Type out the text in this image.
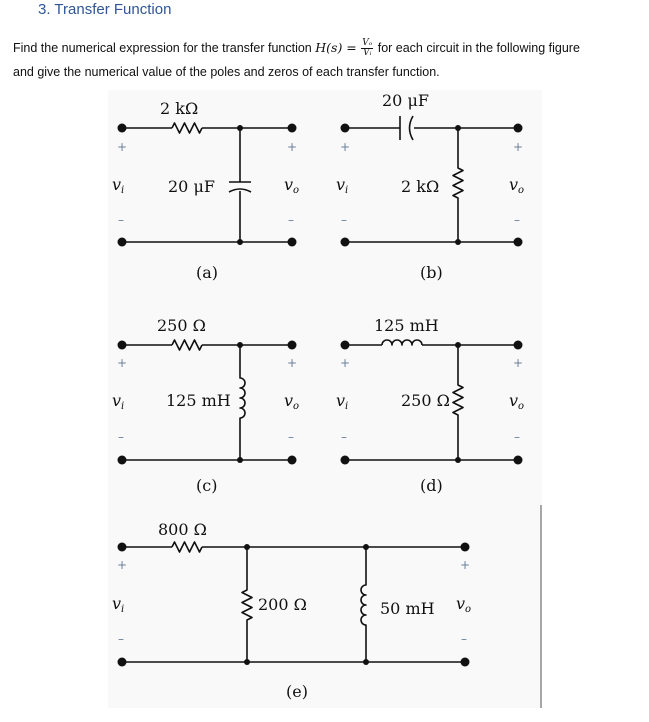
3. Transfer Function
Find the numerical expression for the transfer function $H(s) = \frac{\text{Vₒ}}{\text{Vᵢ}}$ for each circuit in the following figure
and give the numerical value of the poles and zeros of each transfer function.
+
–
+
–
+
–
+
–
+
–
+
–
+
–
+
–
+
–
+
–
vi	vo vi	vo
vi	vo vi	vo
vi	vo
2 kΩ
20 μF
20 μF
2 kΩ
250 Ω
125 mH
125 mH
250 Ω
800 Ω
200 Ω	50 mH
(a)	(b)
(c)	(d)
(e)
